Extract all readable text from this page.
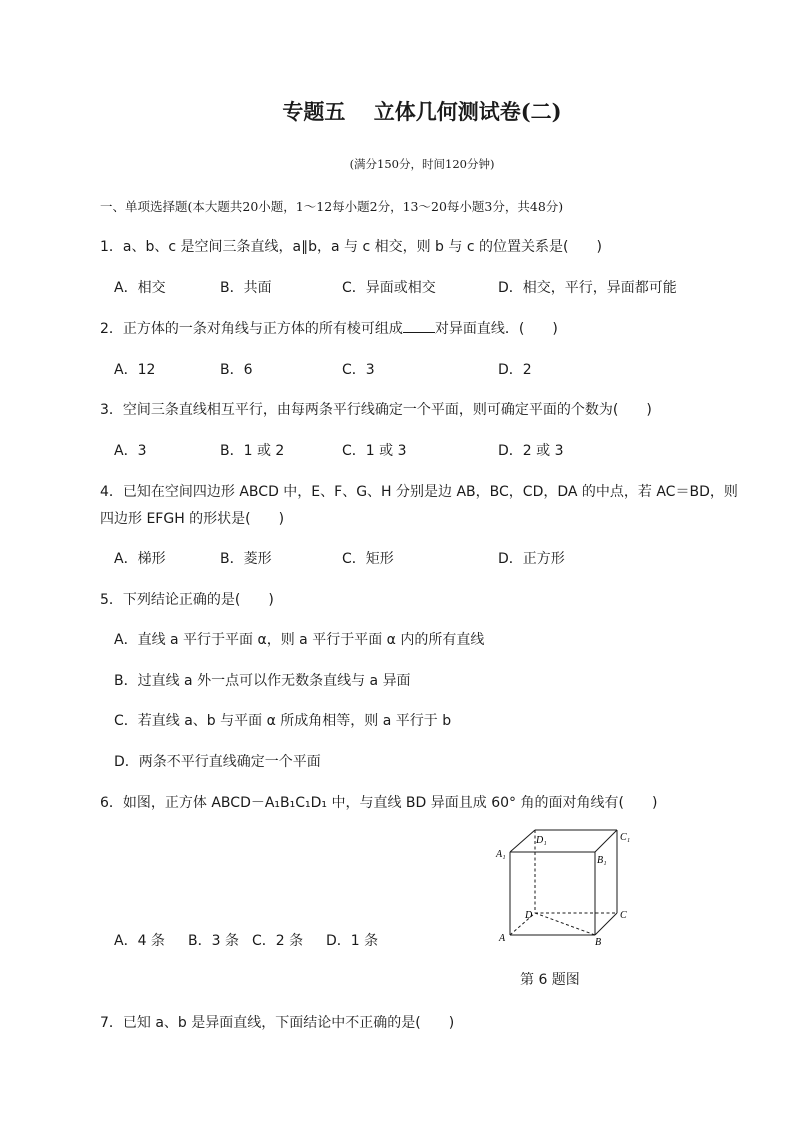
专题五　 立体几何测试卷(二)
(满分150分，时间120分钟)
一、单项选择题(本大题共20小题，1～12每小题2分，13～20每小题3分，共48分)
1．a、b、c 是空间三条直线，a∥b，a 与 c 相交，则 b 与 c 的位置关系是(　　)
A．相交	B．共面	C．异面或相交	D．相交，平行，异面都可能
2．正方体的一条对角线与正方体的所有棱可组成 对异面直线．(　　)
A．12	B．6	C．3	D．2
3．空间三条直线相互平行，由每两条平行线确定一个平面，则可确定平面的个数为(　　)
A．3	B．1 或 2	C．1 或 3	D．2 或 3
4．已知在空间四边形 ABCD 中，E、F、G、H 分别是边 AB，BC，CD，DA 的中点，若 AC＝BD，则
四边形 EFGH 的形状是(　　)
A．梯形	B．菱形	C．矩形	D．正方形
5．下列结论正确的是(　　)
A．直线 a 平行于平面 α，则 a 平行于平面 α 内的所有直线
B．过直线 a 外一点可以作无数条直线与 a 异面
C．若直线 a、b 与平面 α 所成角相等，则 a 平行于 b
D．两条不平行直线确定一个平面
6．如图，正方体 ABCD－A₁B₁C₁D₁ 中，与直线 BD 异面且成 60° 角的面对角线有(　　)
A．4 条 B．3 条 C．2 条 D．1 条
A₁
D₁	C₁
B₁
A	B
C
D
第 6 题图
7．已知 a、b 是异面直线，下面结论中不正确的是(　　)
